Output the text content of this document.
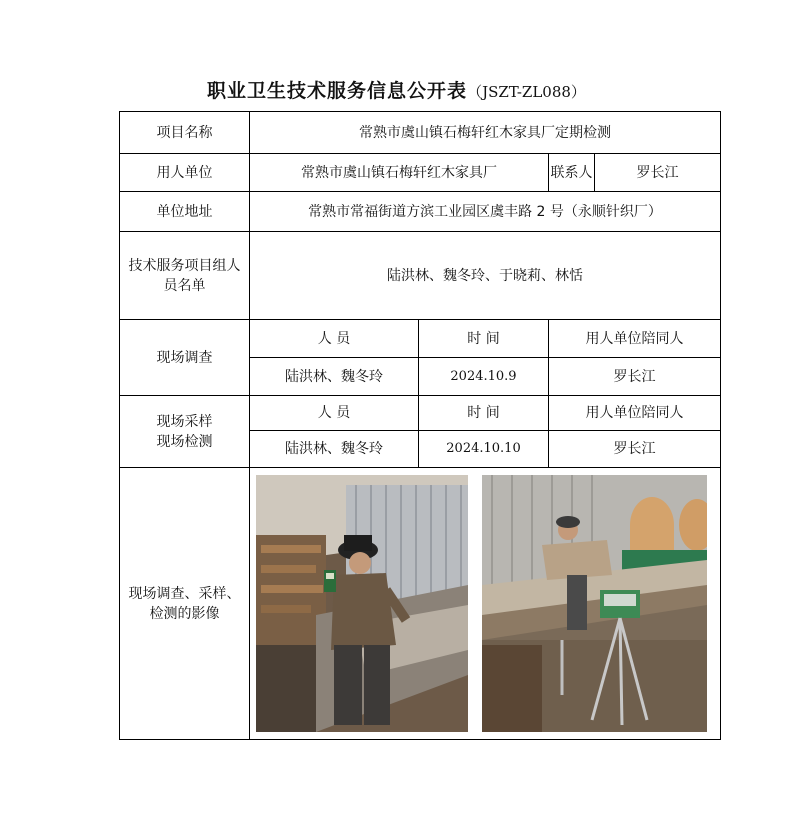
职业卫生技术服务信息公开表（JSZT-ZL088）
项目名称	常熟市虞山镇石梅轩红木家具厂定期检测			
用人单位	常熟市虞山镇石梅轩红木家具厂		联系人	罗长江
单位地址	常熟市常福街道方滨工业园区虞丰路 2 号（永顺针织厂）			
技术服务项目组人员名单	陆洪林、魏冬玲、于晓莉、林恬			
现场调查	人 员	时 间	用人单位陪同人	
	陆洪林、魏冬玲	2024.10.9	罗长江	
现场采样现场检测	人 员	时 间	用人单位陪同人	
	陆洪林、魏冬玲	2024.10.10	罗长江	
现场调查、采样、检测的影像	
